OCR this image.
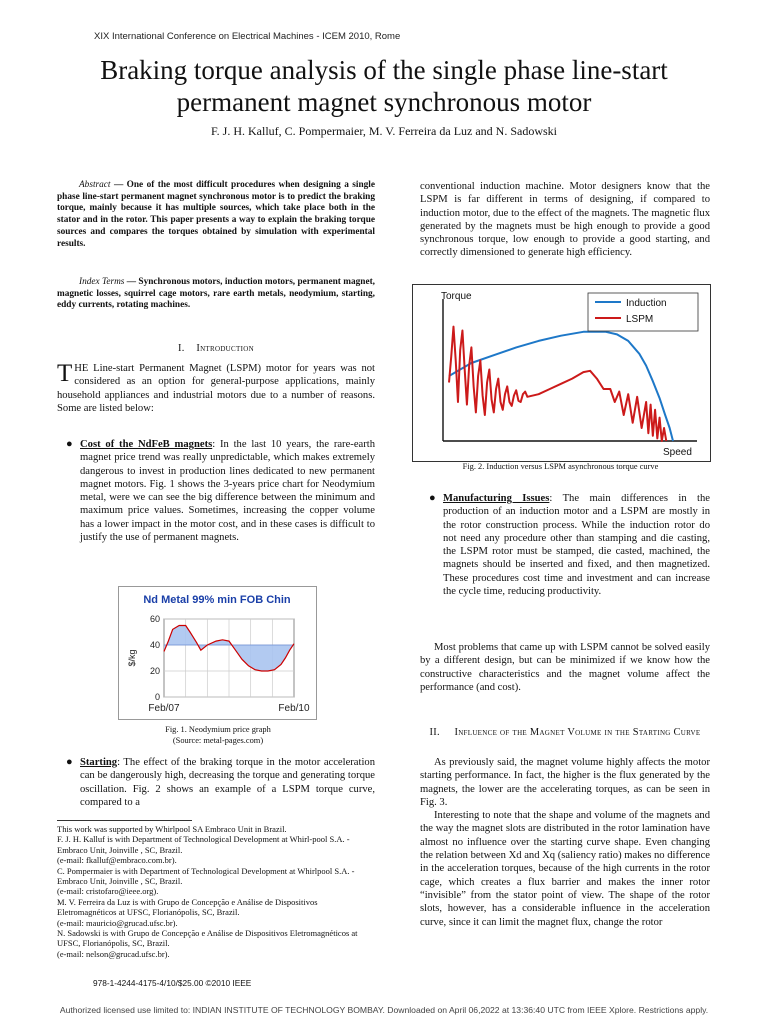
XIX International Conference on Electrical Machines - ICEM 2010, Rome
Braking torque analysis of the single phase line-start permanent magnet synchronous motor
F. J. H. Kalluf, C. Pompermaier, M. V. Ferreira da Luz and N. Sadowski
Abstract — One of the most difficult procedures when designing a single phase line-start permanent magnet synchronous motor is to predict the braking torque, mainly because it has multiple sources, which take place both in the stator and in the rotor. This paper presents a way to explain the braking torque sources and compares the torques obtained by simulation with experimental results.
Index Terms — Synchronous motors, induction motors, permanent magnet, magnetic losses, squirrel cage motors, rare earth metals, neodymium, starting, eddy currents, rotating machines.
I. Introduction
THE Line-start Permanent Magnet (LSPM) motor for years was not considered as an option for general-purpose applications, mainly household appliances and industrial motors due to a number of reasons. Some are listed below:
● Cost of the NdFeB magnets: In the last 10 years, the rare-earth magnet price trend was really unpredictable, which makes extremely dangerous to invest in production lines dedicated to new permanent magnet motors. Fig. 1 shows the 3-years price chart for Neodymium metal, were we can see the big difference between the minimum and maximum price values. Sometimes, increasing the copper volume has a lower impact in the motor cost, and in these cases is difficult to justify the use of permanent magnets.
Nd Metal 99% min FOB Chin
0
20
40
60
$/kg
Feb/07	Feb/10
Fig. 1. Neodymium price graph
(Source: metal-pages.com)
● Starting: The effect of the braking torque in the motor acceleration can be dangerously high, decreasing the torque and generating torque oscillation. Fig. 2 shows an example of a LSPM torque curve, compared to a
This work was supported by Whirlpool SA Embraco Unit in Brazil.
F. J. H. Kalluf is with Department of Technological Development at Whirl-pool S.A. - Embraco Unit, Joinville , SC, Brazil.
(e-mail: fkalluf@embraco.com.br).
C. Pompermaier is with Department of Technological Development at Whirlpool S.A. - Embraco Unit, Joinville , SC, Brazil.
(e-mail: cristofaro@ieee.org).
M. V. Ferreira da Luz is with Grupo de Concepção e Análise de Dispositivos Eletromagnéticos at UFSC, Florianópolis, SC, Brazil.
(e-mail: mauricio@grucad.ufsc.br).
N. Sadowski is with Grupo de Concepção e Análise de Dispositivos Eletromagnéticos at UFSC, Florianópolis, SC, Brazil.
(e-mail: nelson@grucad.ufsc.br).
conventional induction machine. Motor designers know that the LSPM is far different in terms of designing, if compared to induction motor, due to the effect of the magnets. The magnetic flux generated by the magnets must be high enough to provide a good synchronous torque, low enough to provide a good starting, and correctly dimensioned to generate high efficiency.
Torque
Speed
Induction
LSPM
Fig. 2. Induction versus LSPM asynchronous torque curve
● Manufacturing Issues: The main differences in the production of an induction motor and a LSPM are mostly in the rotor construction process. While the induction rotor do not need any procedure other than stamping and die casting, the LSPM rotor must be stamped, die casted, machined, the magnets should be inserted and fixed, and then magnetized. These procedures cost time and investment and can increase the cycle time, reducing productivity.

Most problems that came up with LSPM cannot be solved easily by a different design, but can be minimized if we know how the constructive characteristics and the magnet volume affect the performance (and cost).

II. Influence of the Magnet Volume in the Starting Curve

As previously said, the magnet volume highly affects the motor starting performance. In fact, the higher is the flux generated by the magnets, the lower are the accelerating torques, as can be seen in Fig. 3.

Interesting to note that the shape and volume of the magnets and the way the magnet slots are distributed in the rotor lamination have almost no influence over the starting curve shape. Even changing the relation between Xd and Xq (saliency ratio) makes no difference in the acceleration torques, because of the high currents in the rotor cage, which creates a flux barrier and makes the inner rotor “invisible” from the stator point of view. The shape of the rotor slots, however, has a considerable influence in the acceleration curve, since it can limit the magnet flux, change the rotor

978-1-4244-4175-4/10/$25.00 ©2010 IEEE
Authorized licensed use limited to: INDIAN INSTITUTE OF TECHNOLOGY BOMBAY. Downloaded on April 06,2022 at 13:36:40 UTC from IEEE Xplore. Restrictions apply.
